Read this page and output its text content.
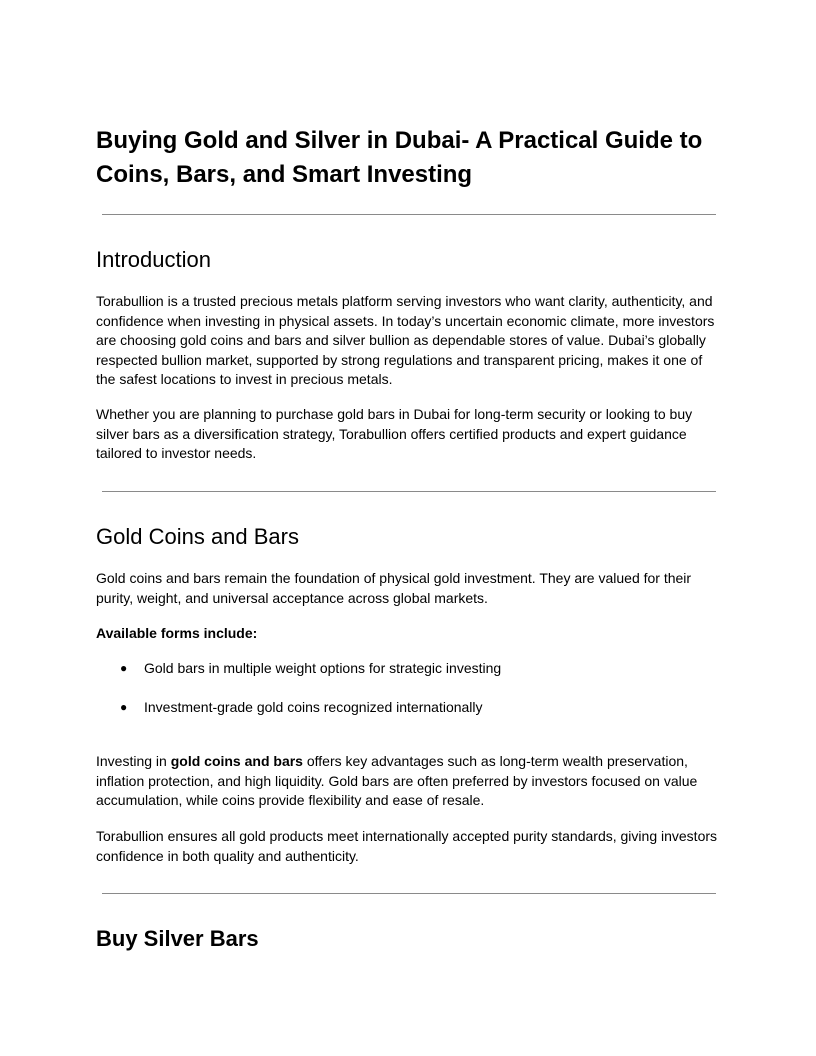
Buying Gold and Silver in Dubai- A Practical Guide to Coins, Bars, and Smart Investing
Introduction

Torabullion is a trusted precious metals platform serving investors who want clarity, authenticity, and confidence when investing in physical assets. In today’s uncertain economic climate, more investors are choosing gold coins and bars and silver bullion as dependable stores of value. Dubai’s globally respected bullion market, supported by strong regulations and transparent pricing, makes it one of the safest locations to invest in precious metals.

Whether you are planning to purchase gold bars in Dubai for long-term security or looking to buy silver bars as a diversification strategy, Torabullion offers certified products and expert guidance tailored to investor needs.

Gold Coins and Bars

Gold coins and bars remain the foundation of physical gold investment. They are valued for their purity, weight, and universal acceptance across global markets.

Available forms include:

● Gold bars in multiple weight options for strategic investing
● Investment-grade gold coins recognized internationally

Investing in gold coins and bars offers key advantages such as long-term wealth preservation, inflation protection, and high liquidity. Gold bars are often preferred by investors focused on value accumulation, while coins provide flexibility and ease of resale.

Torabullion ensures all gold products meet internationally accepted purity standards, giving investors confidence in both quality and authenticity.

Buy Silver Bars
